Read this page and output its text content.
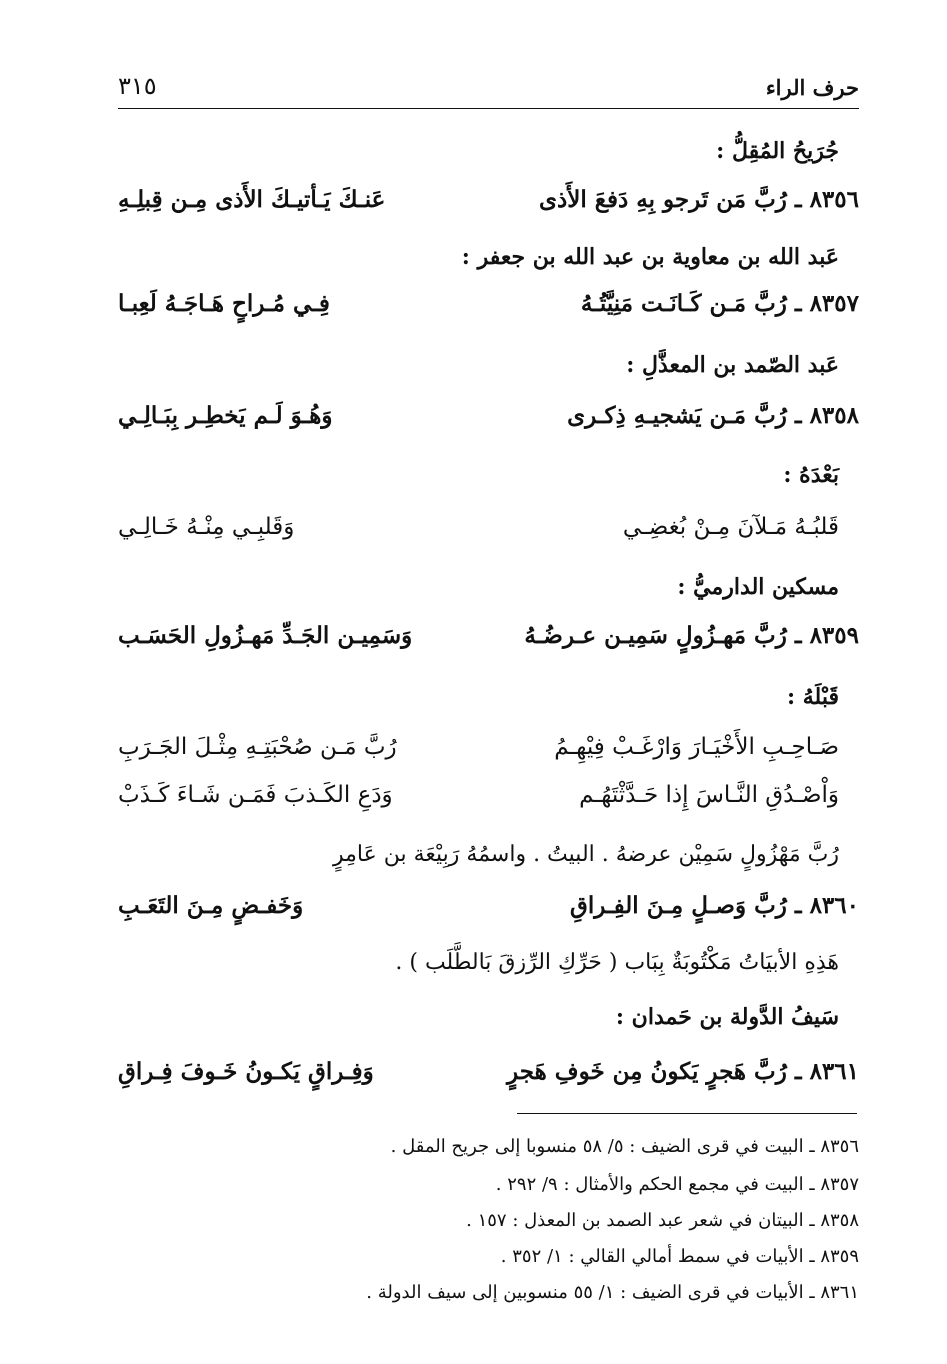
حرف الراء
٣١٥
جُرَيحُ المُقِلُّ :
٨٣٥٦ ـ رُبَّ مَن تَرجو بِهِ دَفعَ الأَذى
عَنـكَ يَـأتيـكَ الأَذى مِـن قِبلِـهِ
عَبد الله بن معاوية بن عبد الله بن جعفر :
٨٣٥٧ ـ رُبَّ مَـن كَـانَـت مَنِيَّتُـهُ
فِـي مُـراحٍ هَـاجَـهُ لَعِبـا
عَبد الصّمد بن المعذَّلِ :
٨٣٥٨ ـ رُبَّ مَـن يَشجيـهِ ذِكـرى
وَهُـوَ لَـم يَخطِـر بِبَـالِـي
بَعْدَهُ :
قَلبُـهُ مَـلآنَ مِـنْ بُغضِـي
وَقَلبِـي مِنْـهُ خَـالِـي
مسكين الدارميُّ :
٨٣٥٩ ـ رُبَّ مَهـزُولٍ سَمِيـن عـرضُـهُ
وَسَمِيـن الجَـدِّ مَهـزُولِ الحَسَـب
قَبْلَهُ :
صَـاحِـبِ الأَخْيَـارَ وَارْغَـبْ فِيْهِـمُ
رُبَّ مَـن صُحْبَتِـهِ مِثْـلَ الجَـرَبِ
وَاْصْـدُقِ النَّـاسَ إِذا حَـدَّثْتَهُـم
وَدَعِ الكَـذبَ فَمَـن شَـاءَ كَـذَبْ
رُبَّ مَهْزُولٍ سَمِيْن عرضهُ . البيتُ . واسمُهُ رَبِيْعَة بن عَامِرٍ
٨٣٦٠ ـ رُبَّ وَصـلٍ مِـنَ الفِـراقِ
وَخَفـضٍ مِـنَ التَعَـبِ
هَذِهِ الأبيَاتُ مَكْتُوبَةٌ بِبَاب ( حَرِّكِ الرِّزقَ بَالطَّلَب ) .
سَيفُ الدَّولة بن حَمدان :
٨٣٦١ ـ رُبَّ هَجرٍ يَكونُ مِن خَوفِ هَجرٍ
وَفِـراقٍ يَكـونُ خَـوفَ فِـراقِ
٨٣٥٦ ـ البيت في قرى الضيف : ٥/ ٥٨ منسوبا إلى جريح المقل .
٨٣٥٧ ـ البيت في مجمع الحكم والأمثال : ٩/ ٢٩٢ .
٨٣٥٨ ـ البيتان في شعر عبد الصمد بن المعذل : ١٥٧ .
٨٣٥٩ ـ الأبيات في سمط أمالي القالي : ١/ ٣٥٢ .
٨٣٦١ ـ الأبيات في قرى الضيف : ١/ ٥٥ منسوبين إلى سيف الدولة .
